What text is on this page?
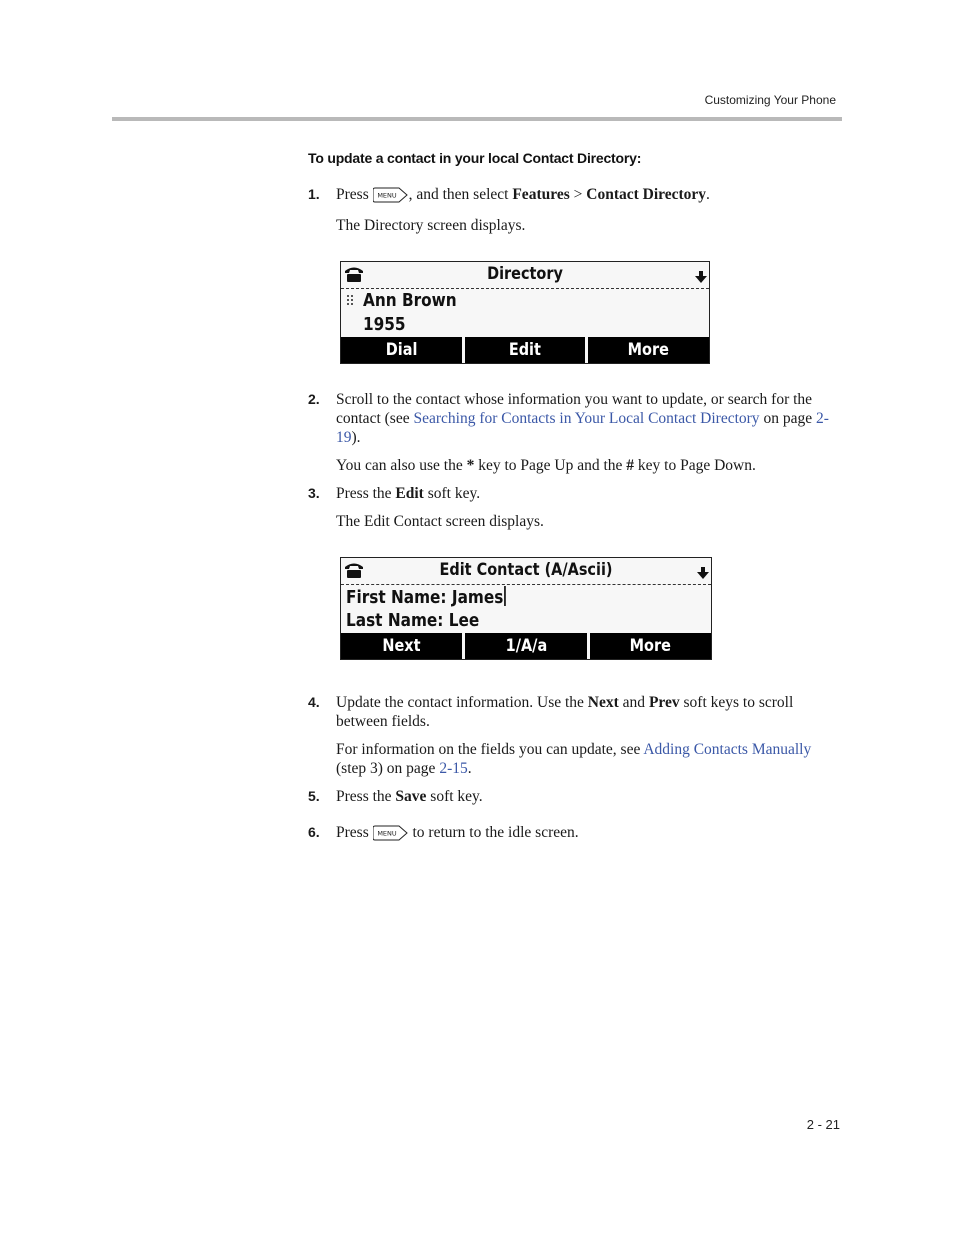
Customizing Your Phone
To update a contact in your local Contact Directory:
1. Press MENU , and then select Features > Contact Directory.
The Directory screen displays.
Directory
Ann Brown
1955
Dial	Edit	More
2. Scroll to the contact whose information you want to update, or search for the contact (see Searching for Contacts in Your Local Contact Directory on page 2-19).
You can also use the * key to Page Up and the # key to Page Down.
3. Press the Edit soft key.
The Edit Contact screen displays.
Edit Contact (A/Ascii)
First Name: James
Last Name: Lee
Next	1/A/a	More
4. Update the contact information. Use the Next and Prev soft keys to scroll between fields.
For information on the fields you can update, see Adding Contacts Manually (step 3) on page 2-15.
5. Press the Save soft key.
6. Press MENU to return to the idle screen.
2 - 21
